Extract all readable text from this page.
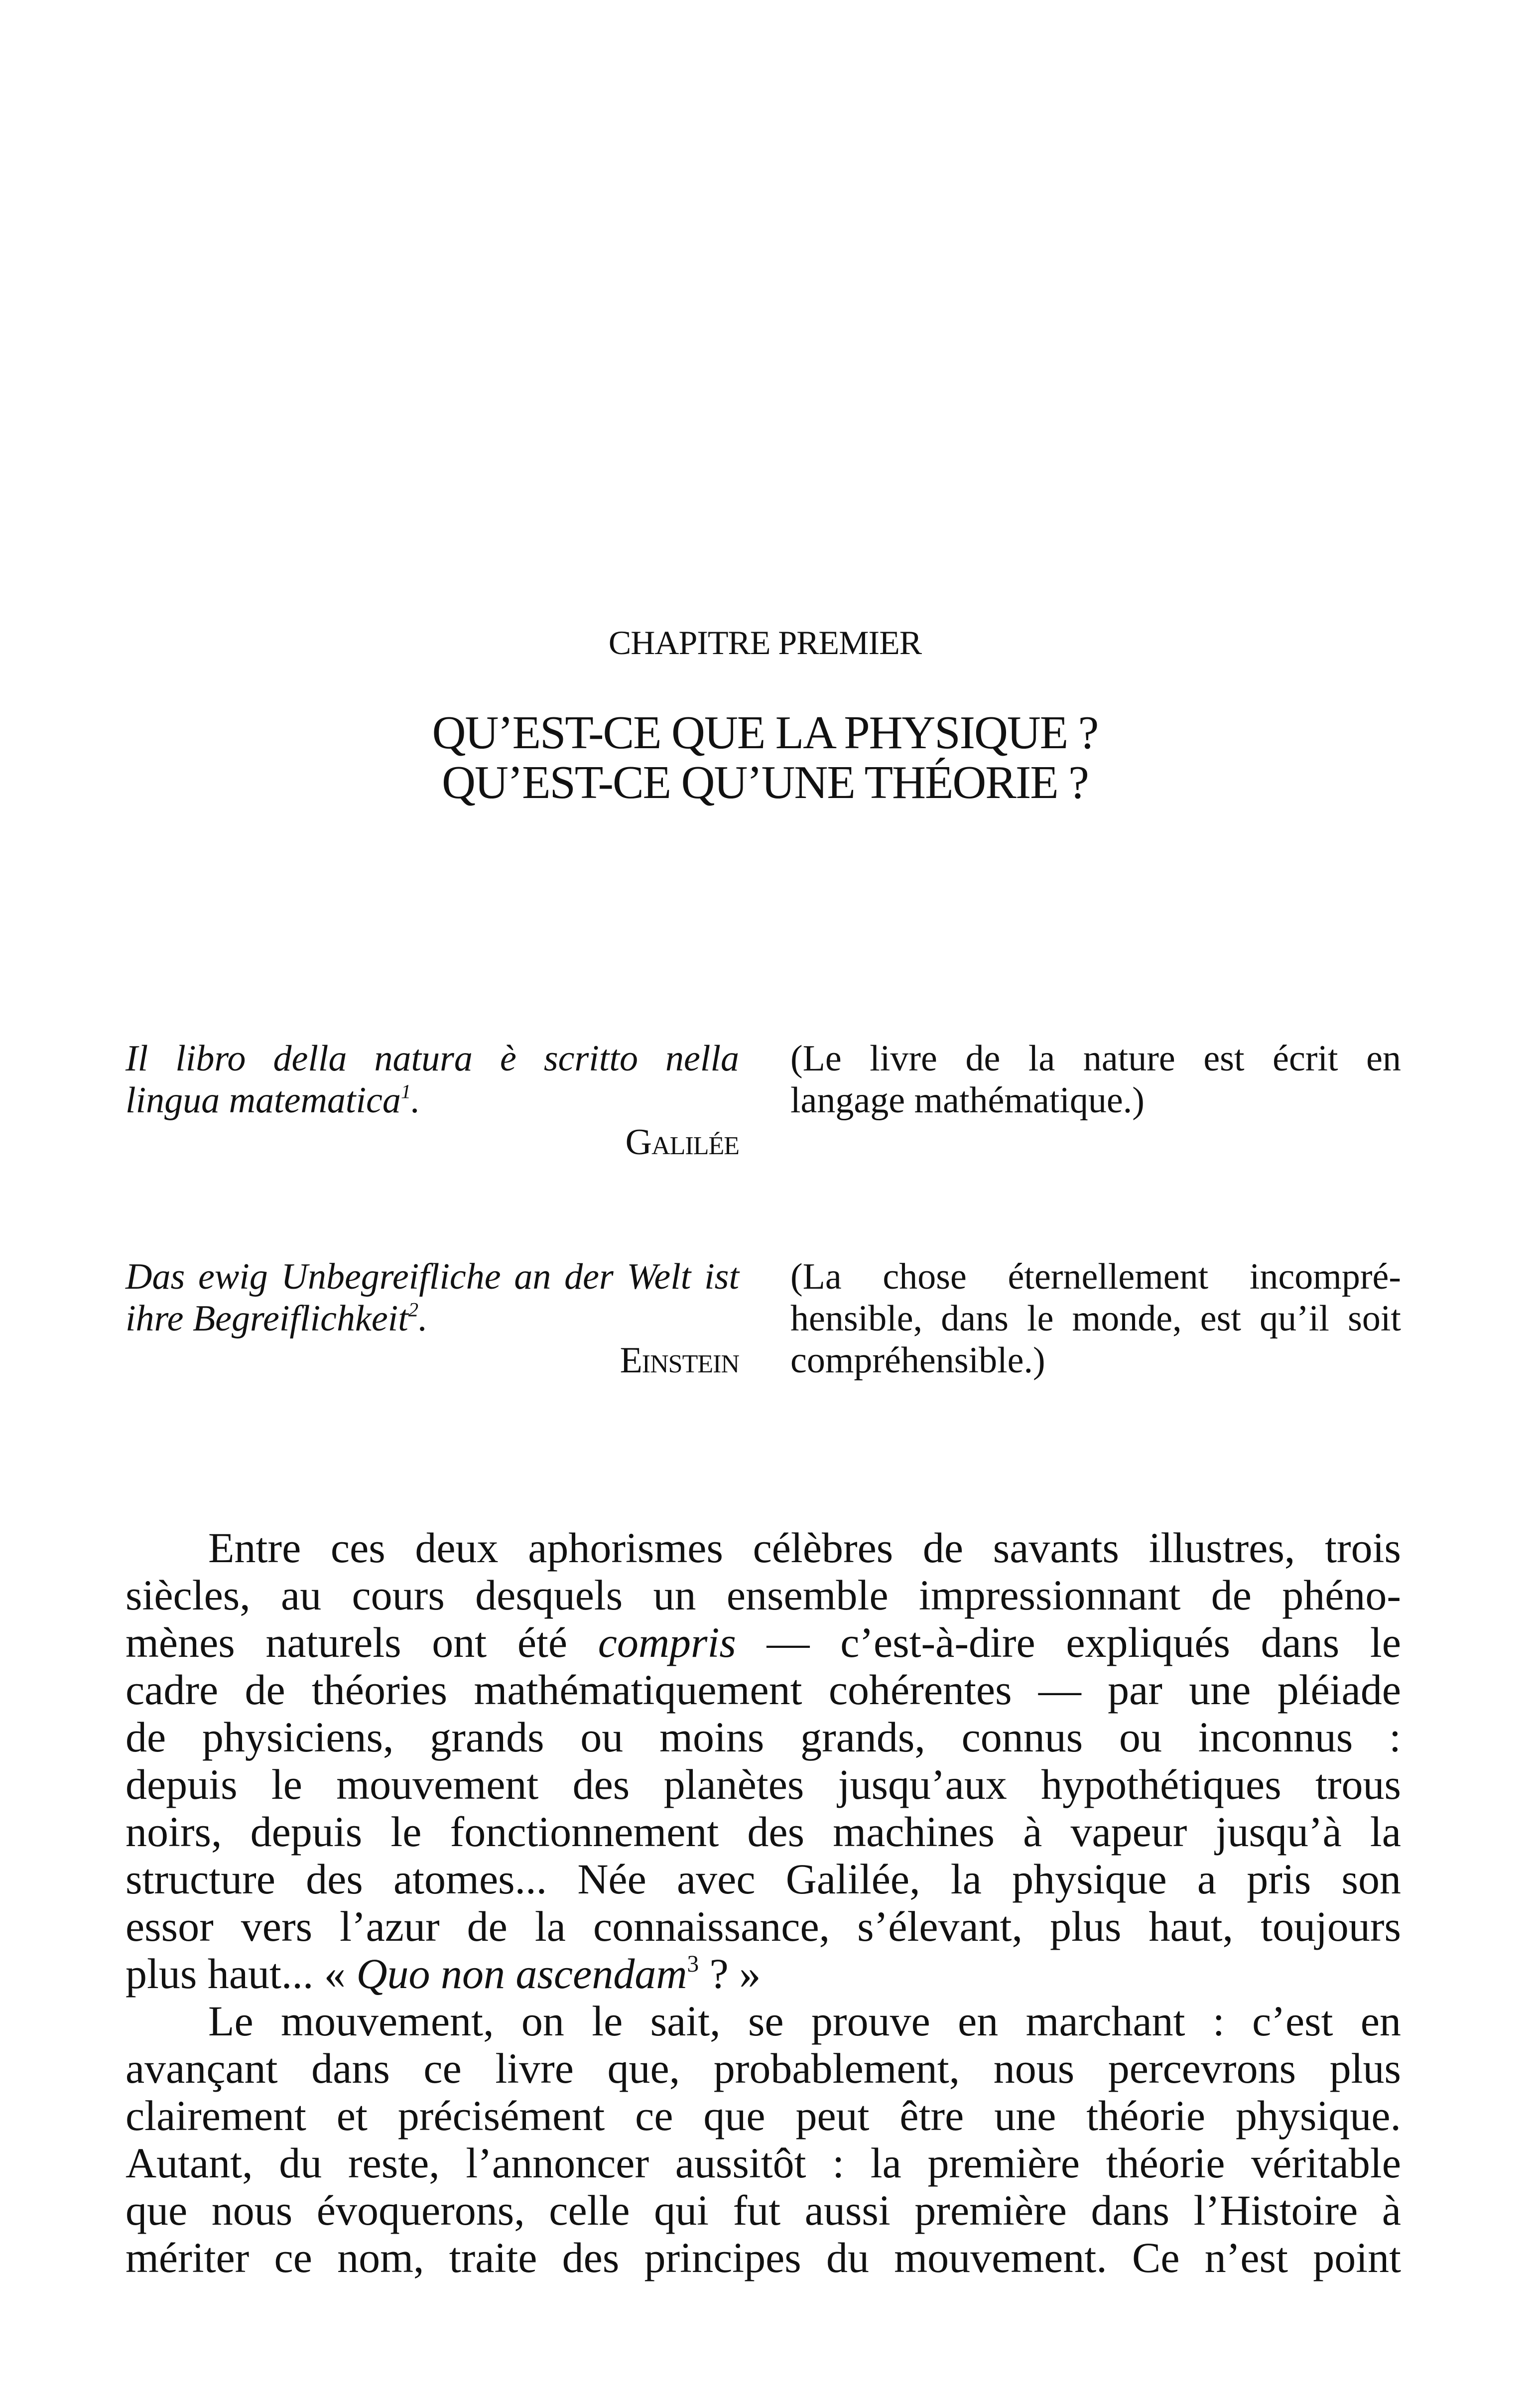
CHAPITRE PREMIER
QU’EST-CE QUE LA PHYSIQUE ?
QU’EST-CE QU’UNE THÉORIE ?
Il libro della natura è scritto nella
lingua matematica$^1$.
Galilée
(Le livre de la nature est écrit en
langage mathématique.)
Das ewig Unbegreifliche an der Welt ist
ihre Begreiflichkeit$^2$.
Einstein
(La chose éternellement incompré-
hensible, dans le monde, est qu’il soit
compréhensible.)
Entre ces deux aphorismes célèbres de savants illustres, trois
siècles, au cours desquels un ensemble impressionnant de phéno-
mènes naturels ont été compris — c’est-à-dire expliqués dans le
cadre de théories mathématiquement cohérentes — par une pléiade
de physiciens, grands ou moins grands, connus ou inconnus :
depuis le mouvement des planètes jusqu’aux hypothétiques trous
noirs, depuis le fonctionnement des machines à vapeur jusqu’à la
structure des atomes... Née avec Galilée, la physique a pris son
essor vers l’azur de la connaissance, s’élevant, plus haut, toujours
plus haut... « Quo non ascendam$^3$ ? »
Le mouvement, on le sait, se prouve en marchant : c’est en
avançant dans ce livre que, probablement, nous percevrons plus
clairement et précisément ce que peut être une théorie physique.
Autant, du reste, l’annoncer aussitôt : la première théorie véritable
que nous évoquerons, celle qui fut aussi première dans l’Histoire à
mériter ce nom, traite des principes du mouvement. Ce n’est point
